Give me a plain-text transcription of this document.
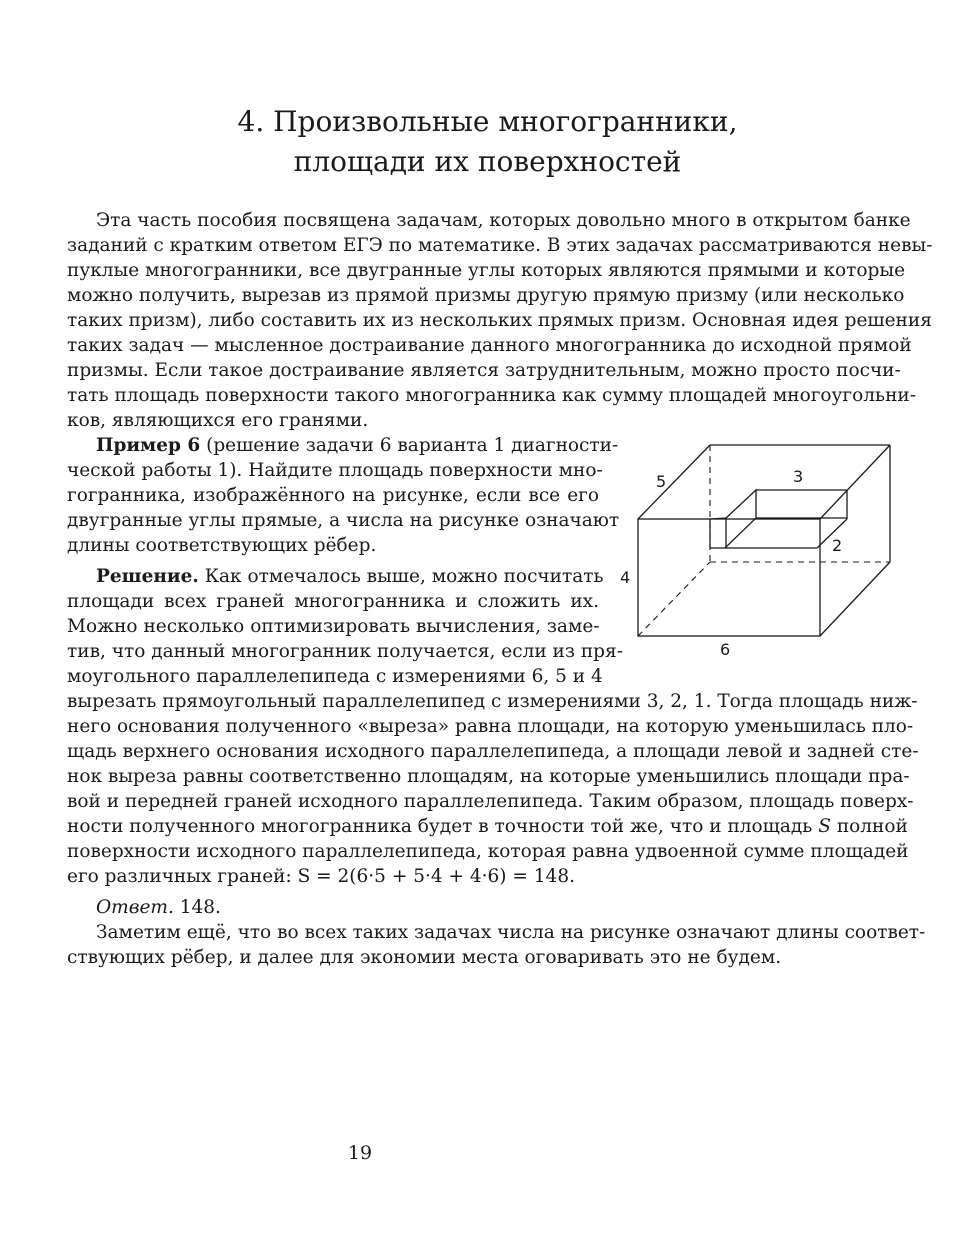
4. Произвольные многогранники,
площади их поверхностей
Эта часть пособия посвящена задачам, которых довольно много в открытом банке
заданий с кратким ответом ЕГЭ по математике. В этих задачах рассматриваются невы-
пуклые многогранники, все двугранные углы которых являются прямыми и которые
можно получить, вырезав из прямой призмы другую прямую призму (или несколько
таких призм), либо составить их из нескольких прямых призм. Основная идея решения
таких задач — мысленное достраивание данного многогранника до исходной прямой
призмы. Если такое достраивание является затруднительным, можно просто посчи-
тать площадь поверхности такого многогранника как сумму площадей многоугольни-
ков, являющихся его гранями.
Пример 6 (решение задачи 6 варианта 1 диагности-
ческой работы 1). Найдите площадь поверхности мно-
гогранника, изображённого на рисунке, если все его
двугранные углы прямые, а числа на рисунке означают
длины соответствующих рёбер.
Решение. Как отмечалось выше, можно посчитать
площади всех граней многогранника и сложить их.
Можно несколько оптимизировать вычисления, заме-
тив, что данный многогранник получается, если из пря-
моугольного параллелепипеда с измерениями 6, 5 и 4
вырезать прямоугольный параллелепипед с измерениями 3, 2, 1. Тогда площадь ниж-
него основания полученного «выреза» равна площади, на которую уменьшилась пло-
щадь верхнего основания исходного параллелепипеда, а площади левой и задней сте-
нок выреза равны соответственно площадям, на которые уменьшились площади пра-
вой и передней граней исходного параллелепипеда. Таким образом, площадь поверх-
ности полученного многогранника будет в точности той же, что и площадь S полной
поверхности исходного параллелепипеда, которая равна удвоенной сумме площадей
его различных граней: S = 2(6·5 + 5·4 + 4·6) = 148.
Ответ. 148.
Заметим ещё, что во всех таких задачах числа на рисунке означают длины соответ-
ствующих рёбер, и далее для экономии места оговаривать это не будем.
5	3
2
4
6
19
